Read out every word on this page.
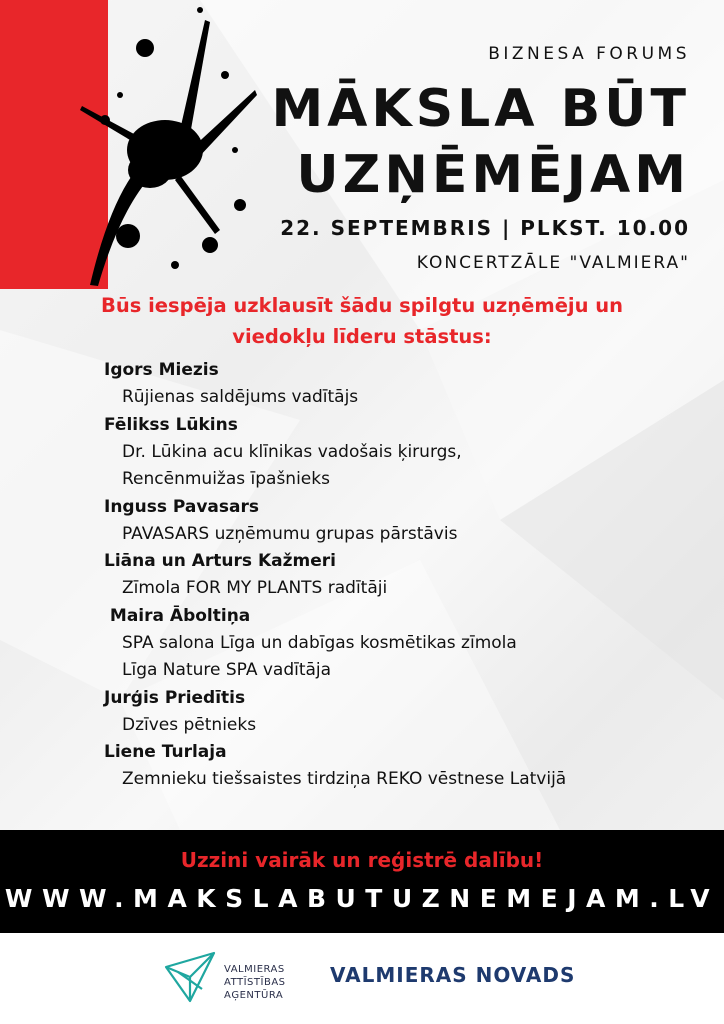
BIZNESA FORUMS
MĀKSLA BŪT
UZŅĒMĒJAM
22. SEPTEMBRIS | PLKST. 10.00
KONCERTZĀLE "VALMIERA"
Būs iespēja uzklausīt šādu spilgtu uzņēmēju un
viedokļu līderu stāstus:
Igors Miezis
Rūjienas saldējums vadītājs
Fēlikss Lūkins
Dr. Lūkina acu klīnikas vadošais ķirurgs,
Rencēnmuižas īpašnieks
Inguss Pavasars
PAVASARS uzņēmumu grupas pārstāvis
Liāna un Arturs Kažmeri
Zīmola FOR MY PLANTS radītāji
Maira Āboltiņa
SPA salona Līga un dabīgas kosmētikas zīmola
Līga Nature SPA vadītāja
Jurģis Priedītis
Dzīves pētnieks
Liene Turlaja
Zemnieku tiešsaistes tirdziņa REKO vēstnese Latvijā
Uzzini vairāk un reģistrē dalību!
WWW.MAKSLABUTUZNEMEJAM.LV
VALMIERAS
ATTĪSTĪBAS
AĢENTŪRA
VALMIERAS NOVADS
